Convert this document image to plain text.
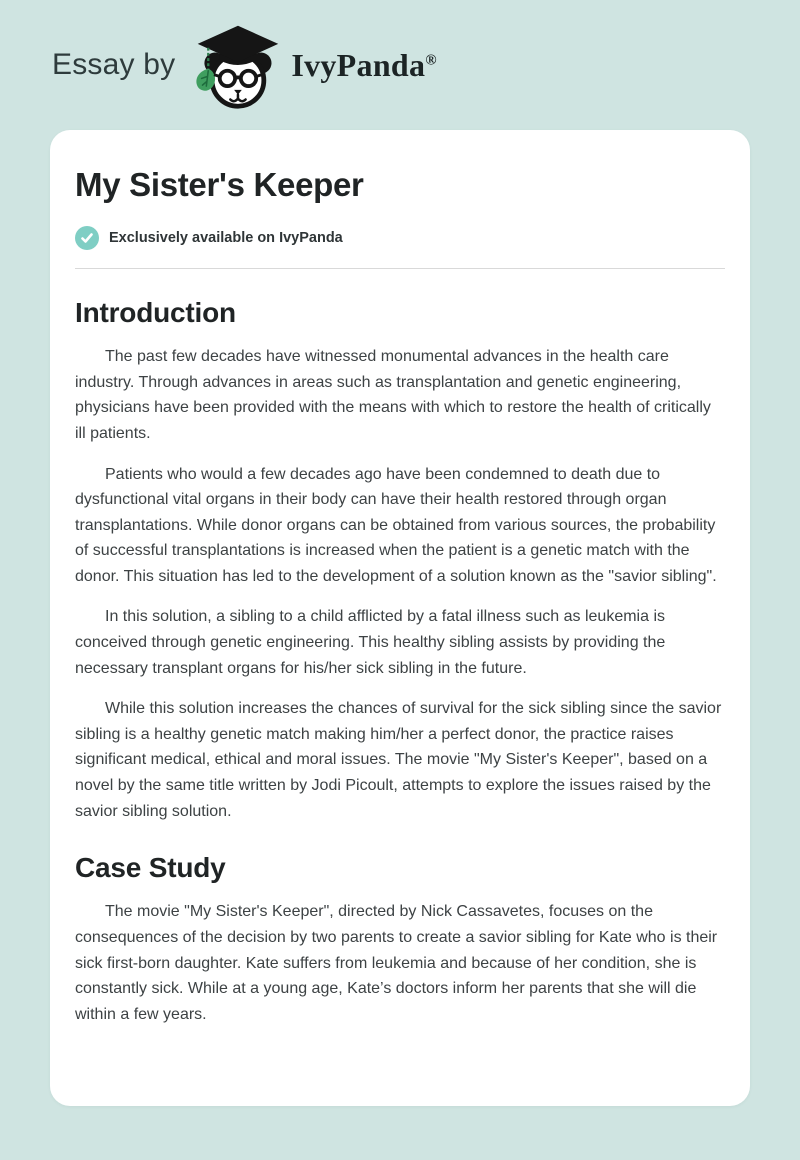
Essay by	IvyPanda®
My Sister's Keeper
Exclusively available on IvyPanda
Introduction

The past few decades have witnessed monumental advances in the health care industry. Through advances in areas such as transplantation and genetic engineering, physicians have been provided with the means with which to restore the health of critically ill patients.

Patients who would a few decades ago have been condemned to death due to dysfunctional vital organs in their body can have their health restored through organ transplantations. While donor organs can be obtained from various sources, the probability of successful transplantations is increased when the patient is a genetic match with the donor. This situation has led to the development of a solution known as the "savior sibling".

In this solution, a sibling to a child afflicted by a fatal illness such as leukemia is conceived through genetic engineering. This healthy sibling assists by providing the necessary transplant organs for his/her sick sibling in the future.

While this solution increases the chances of survival for the sick sibling since the savior sibling is a healthy genetic match making him/her a perfect donor, the practice raises significant medical, ethical and moral issues. The movie "My Sister's Keeper", based on a novel by the same title written by Jodi Picoult, attempts to explore the issues raised by the savior sibling solution.

Case Study

The movie "My Sister's Keeper", directed by Nick Cassavetes, focuses on the consequences of the decision by two parents to create a savior sibling for Kate who is their sick first-born daughter. Kate suffers from leukemia and because of her condition, she is constantly sick. While at a young age, Kate’s doctors inform her parents that she will die within a few years.
